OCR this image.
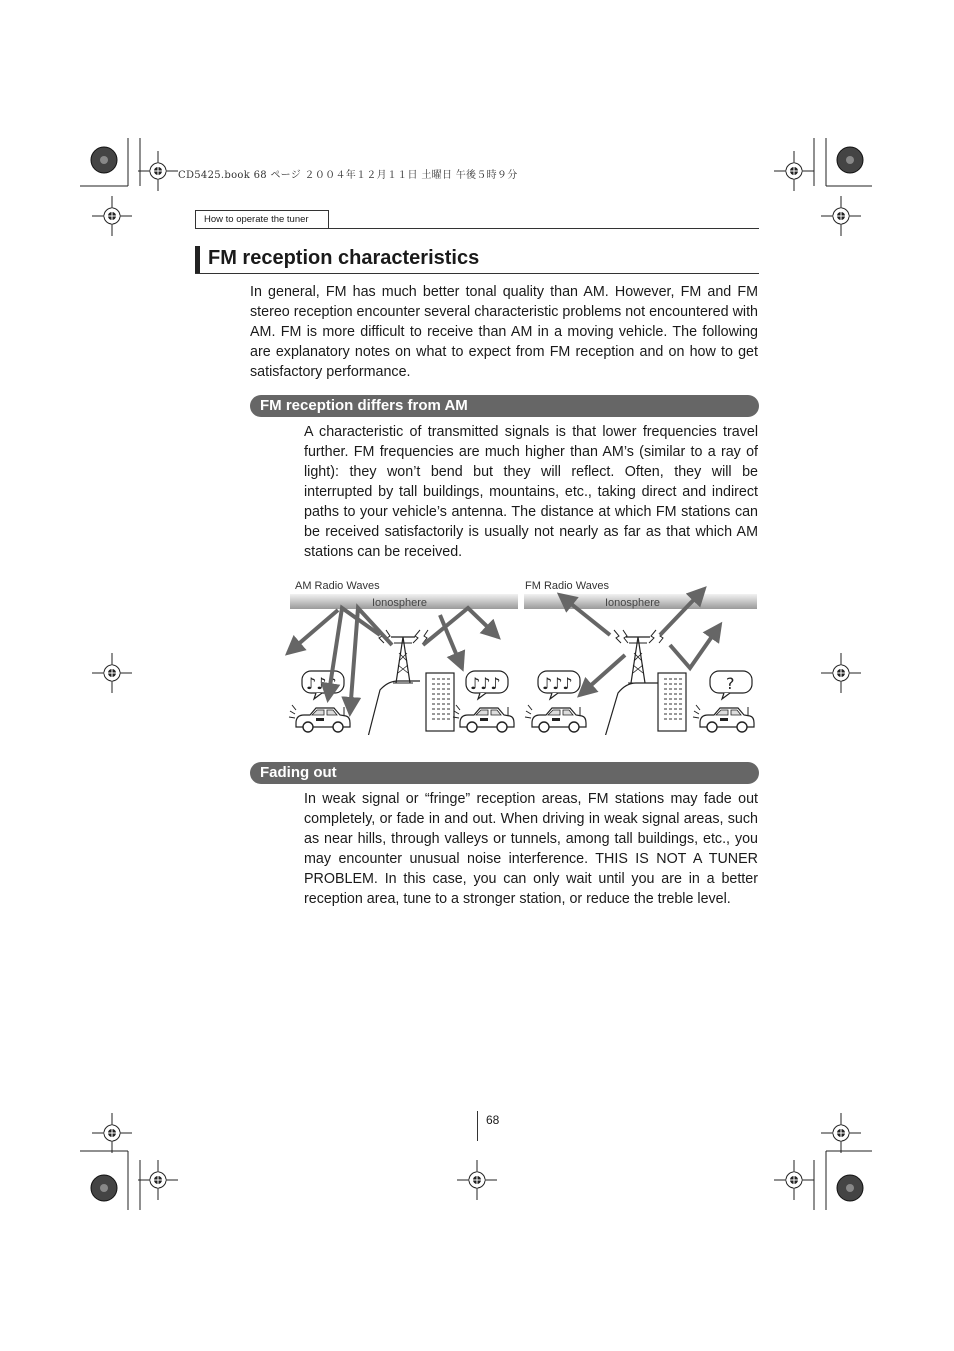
CD5425.book 68 ページ ２００４年１２月１１日 土曜日 午後５時９分
How to operate the tuner
FM reception characteristics

In general, FM has much better tonal quality than AM. However, FM and FM stereo reception encounter several characteristic problems not encountered with AM. FM is more difficult to receive than AM in a moving vehicle. The following are explanatory notes on what to expect from FM reception and on how to get satisfactory performance.

FM reception differs from AM

A characteristic of transmitted signals is that lower frequencies travel further. FM frequencies are much higher than AM’s (similar to a ray of light): they won’t bend but they will reflect. Often, they will be interrupted by tall buildings, mountains, etc., taking direct and indirect paths to your vehicle’s antenna. The distance at which FM stations can be received satisfactorily is usually not nearly as far as that which AM stations can be received.

AM Radio Waves	FM Radio Waves
Ionosphere	Ionosphere
♪♪♪	♪♪♪	♪♪♪	?
Fading out

In weak signal or “fringe” reception areas, FM stations may fade out completely, or fade in and out. When driving in weak signal areas, such as near hills, through valleys or tunnels, among tall buildings, etc., you may encounter unusual noise interference. THIS IS NOT A TUNER PROBLEM. In this case, you can only wait until you are in a better reception area, tune to a stronger station, or reduce the treble level.

68
